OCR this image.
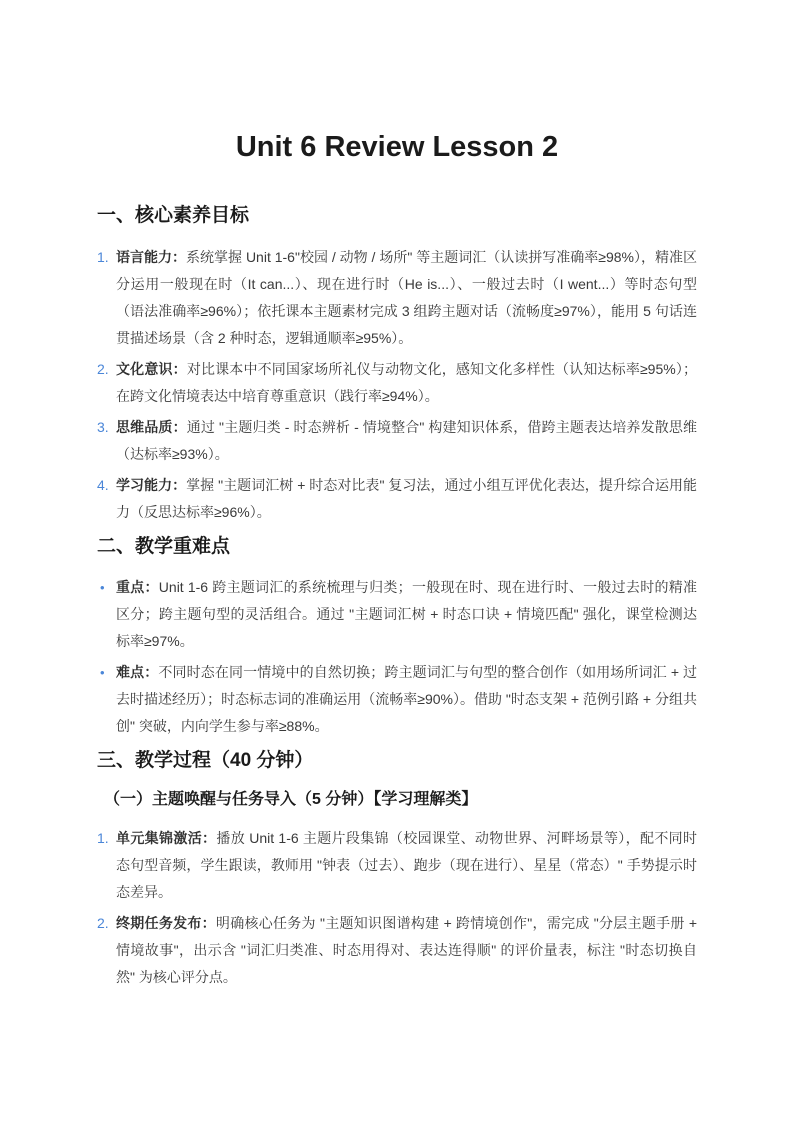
Unit 6 Review Lesson 2
一、核心素养目标
1. 语言能力：系统掌握 Unit 1-6"校园 / 动物 / 场所" 等主题词汇（认读拼写准确率≥98%），精准区分运用一般现在时（It can...）、现在进行时（He is...）、一般过去时（I went...）等时态句型（语法准确率≥96%）；依托课本主题素材完成 3 组跨主题对话（流畅度≥97%），能用 5 句话连贯描述场景（含 2 种时态，逻辑通顺率≥95%）。

2. 文化意识：对比课本中不同国家场所礼仪与动物文化，感知文化多样性（认知达标率≥95%）；在跨文化情境表达中培育尊重意识（践行率≥94%）。

3. 思维品质：通过 "主题归类 - 时态辨析 - 情境整合" 构建知识体系，借跨主题表达培养发散思维（达标率≥93%）。

4. 学习能力：掌握 "主题词汇树 + 时态对比表" 复习法，通过小组互评优化表达，提升综合运用能力（反思达标率≥96%）。

二、教学重难点
• 重点：Unit 1-6 跨主题词汇的系统梳理与归类；一般现在时、现在进行时、一般过去时的精准区分；跨主题句型的灵活组合。通过 "主题词汇树 + 时态口诀 + 情境匹配" 强化，课堂检测达标率≥97%。

• 难点：不同时态在同一情境中的自然切换；跨主题词汇与句型的整合创作（如用场所词汇 + 过去时描述经历）；时态标志词的准确运用（流畅率≥90%）。借助 "时态支架 + 范例引路 + 分组共创" 突破，内向学生参与率≥88%。

三、教学过程（40 分钟）
（一）主题唤醒与任务导入（5 分钟）【学习理解类】
1. 单元集锦激活：播放 Unit 1-6 主题片段集锦（校园课堂、动物世界、河畔场景等），配不同时态句型音频，学生跟读，教师用 "钟表（过去）、跑步（现在进行）、星星（常态）" 手势提示时态差异。

2. 终期任务发布：明确核心任务为 "主题知识图谱构建 + 跨情境创作"，需完成 "分层主题手册 + 情境故事"，出示含 "词汇归类准、时态用得对、表达连得顺" 的评价量表，标注 "时态切换自然" 为核心评分点。
